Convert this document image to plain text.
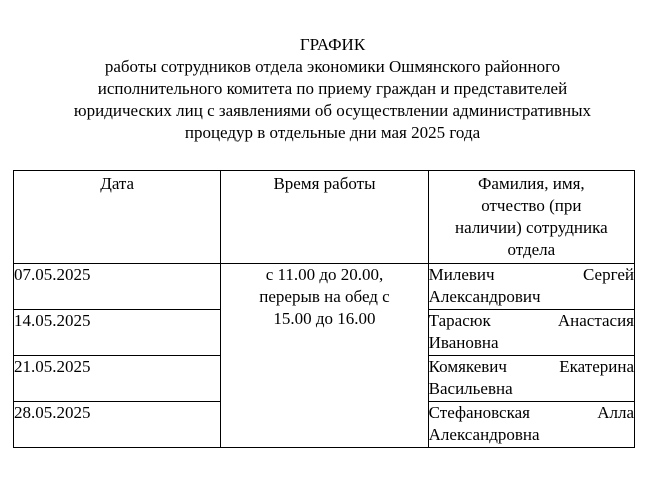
ГРАФИК
работы сотрудников отдела экономики Ошмянского районного
исполнительного комитета по приему граждан и представителей
юридических лиц с заявлениями об осуществлении административных
процедур в отдельные дни мая 2025 года
Дата	Время работы	Фамилия, имя,
отчество (при
наличии) сотрудника
отдела

07.05.2025	с 11.00 до 20.00,
перерыв на обед с
15.00 до 16.00	Милевич Сергей
Александрович

14.05.2025		Тарасюк Анастасия
Ивановна

21.05.2025		Комякевич Екатерина
Васильевна

28.05.2025		Стефановская Алла
Александровна
